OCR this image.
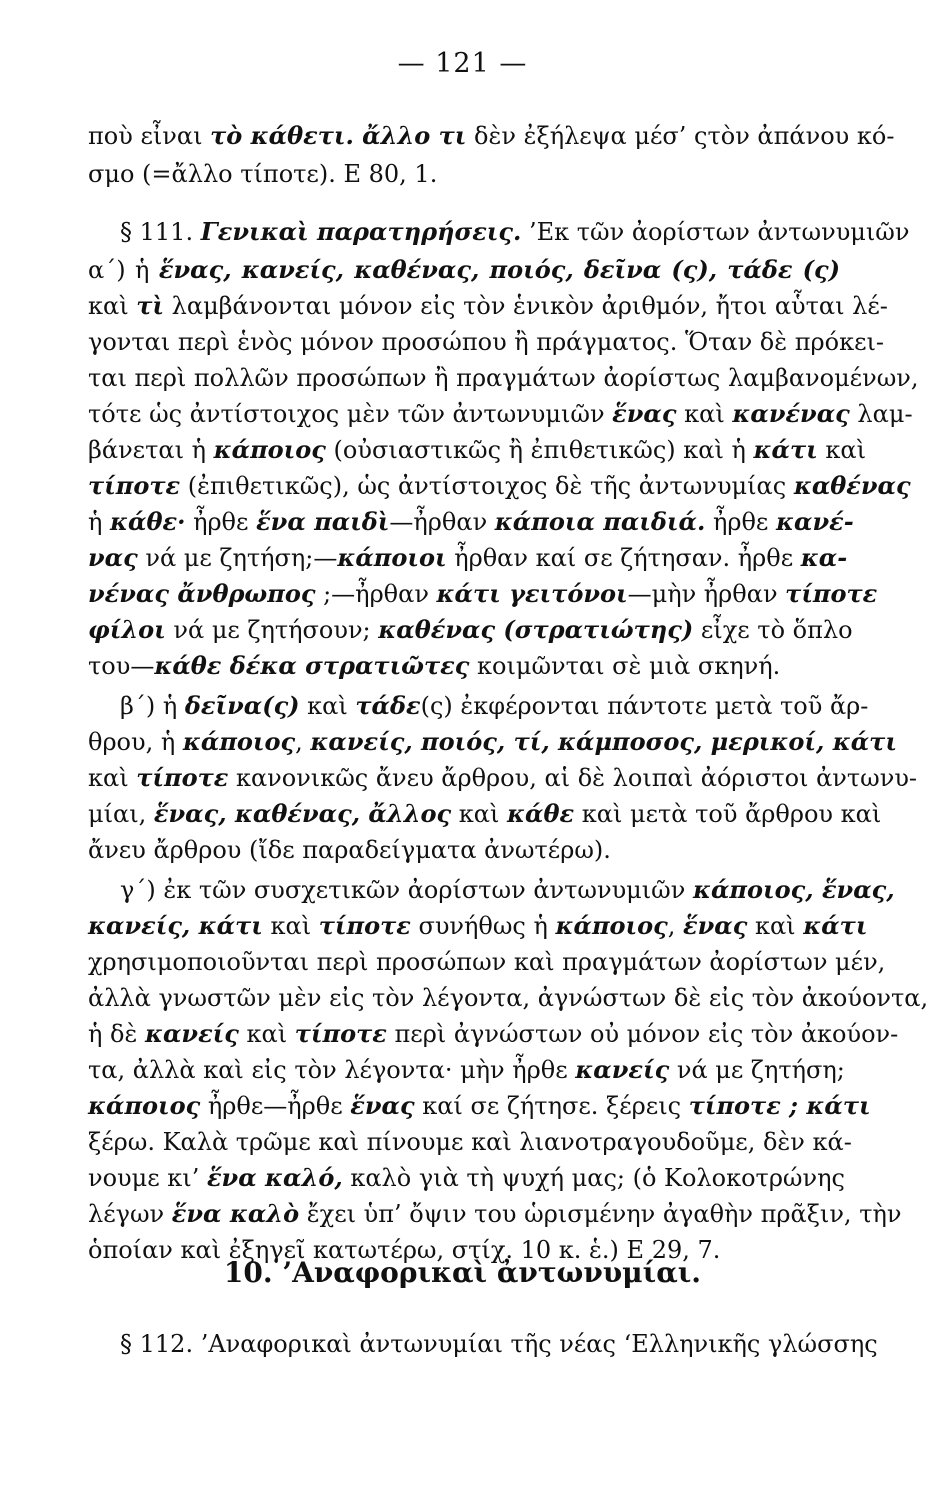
— 121 —
ποὺ εἶναι τὸ κάθετι. ἄλλο τι δὲν ἐξήλεψα μέσ’ ςτὸν ἀπάνου κό-
σμο (=ἄλλο τίποτε). Ε 80, 1.
§ 111. Γενικαὶ παρατηρήσεις. ’Εκ τῶν ἀορίστων ἀντωνυμιῶν
α΄) ἡ ἕνας, κανείς, καθένας, ποιός, δεῖνα (ς), τάδε (ς)
καὶ τὶ λαμβάνονται μόνον εἰς τὸν ἑνικὸν ἀριθμόν, ἤτοι αὗται λέ-
γονται περὶ ἑνὸς μόνον προσώπου ἢ πράγματος. Ὅταν δὲ πρόκει-
ται περὶ πολλῶν προσώπων ἢ πραγμάτων ἀορίστως λαμβανομένων,
τότε ὡς ἀντίστοιχος μὲν τῶν ἀντωνυμιῶν ἕνας καὶ κανένας λαμ-
βάνεται ἡ κάποιος (οὐσιαστικῶς ἢ ἐπιθετικῶς) καὶ ἡ κάτι καὶ
τίποτε (ἐπιθετικῶς), ὡς ἀντίστοιχος δὲ τῆς ἀντωνυμίας καθένας
ἡ κάθε· ἦρθε ἕνα παιδὶ—ἦρθαν κάποια παιδιά. ἦρθε κανέ-
νας νά με ζητήση;—κάποιοι ἦρθαν καί σε ζήτησαν. ἦρθε κα-
νένας ἄνθρωπος ;—ἦρθαν κάτι γειτόνοι—μὴν ἦρθαν τίποτε
φίλοι νά με ζητήσουν; καθένας (στρατιώτης) εἶχε τὸ ὅπλο
του—κάθε δέκα στρατιῶτες κοιμῶνται σὲ μιὰ σκηνή.
β΄) ἡ δεῖνα(ς) καὶ τάδε(ς) ἐκφέρονται πάντοτε μετὰ τοῦ ἄρ-
θρου, ἡ κάποιος, κανείς, ποιός, τί, κάμποσος, μερικοί, κάτι
καὶ τίποτε κανονικῶς ἄνευ ἄρθρου, αἱ δὲ λοιπαὶ ἀόριστοι ἀντωνυ-
μίαι, ἕνας, καθένας, ἄλλος καὶ κάθε καὶ μετὰ τοῦ ἄρθρου καὶ
ἄνευ ἄρθρου (ἴδε παραδείγματα ἀνωτέρω).
γ΄) ἐκ τῶν συσχετικῶν ἀορίστων ἀντωνυμιῶν κάποιος, ἕνας,
κανείς, κάτι καὶ τίποτε συνήθως ἡ κάποιος, ἕνας καὶ κάτι
χρησιμοποιοῦνται περὶ προσώπων καὶ πραγμάτων ἀορίστων μέν,
ἀλλὰ γνωστῶν μὲν εἰς τὸν λέγοντα, ἀγνώστων δὲ εἰς τὸν ἀκούοντα,
ἡ δὲ κανείς καὶ τίποτε περὶ ἀγνώστων οὐ μόνον εἰς τὸν ἀκούον-
τα, ἀλλὰ καὶ εἰς τὸν λέγοντα· μὴν ἦρθε κανείς νά με ζητήση;
κάποιος ἦρθε—ἦρθε ἕνας καί σε ζήτησε. ξέρεις τίποτε ; κάτι
ξέρω. Καλὰ τρῶμε καὶ πίνουμε καὶ λιανοτραγουδοῦμε, δὲν κά-
νουμε κι’ ἕνα καλό, καλὸ γιὰ τὴ ψυχή μας; (ὁ Κολοκοτρώνης
λέγων ἕνα καλὸ ἔχει ὑπ’ ὄψιν του ὡρισμένην ἀγαθὴν πρᾶξιν, τὴν
ὁποίαν καὶ ἐξηγεῖ κατωτέρω, στίχ. 10 κ. ἑ.) Ε 29, 7.
10. ’Αναφορικαὶ ἀντωνυμίαι.
§ 112. ’Αναφορικαὶ ἀντωνυμίαι τῆς νέας ‘Ελληνικῆς γλώσσης
